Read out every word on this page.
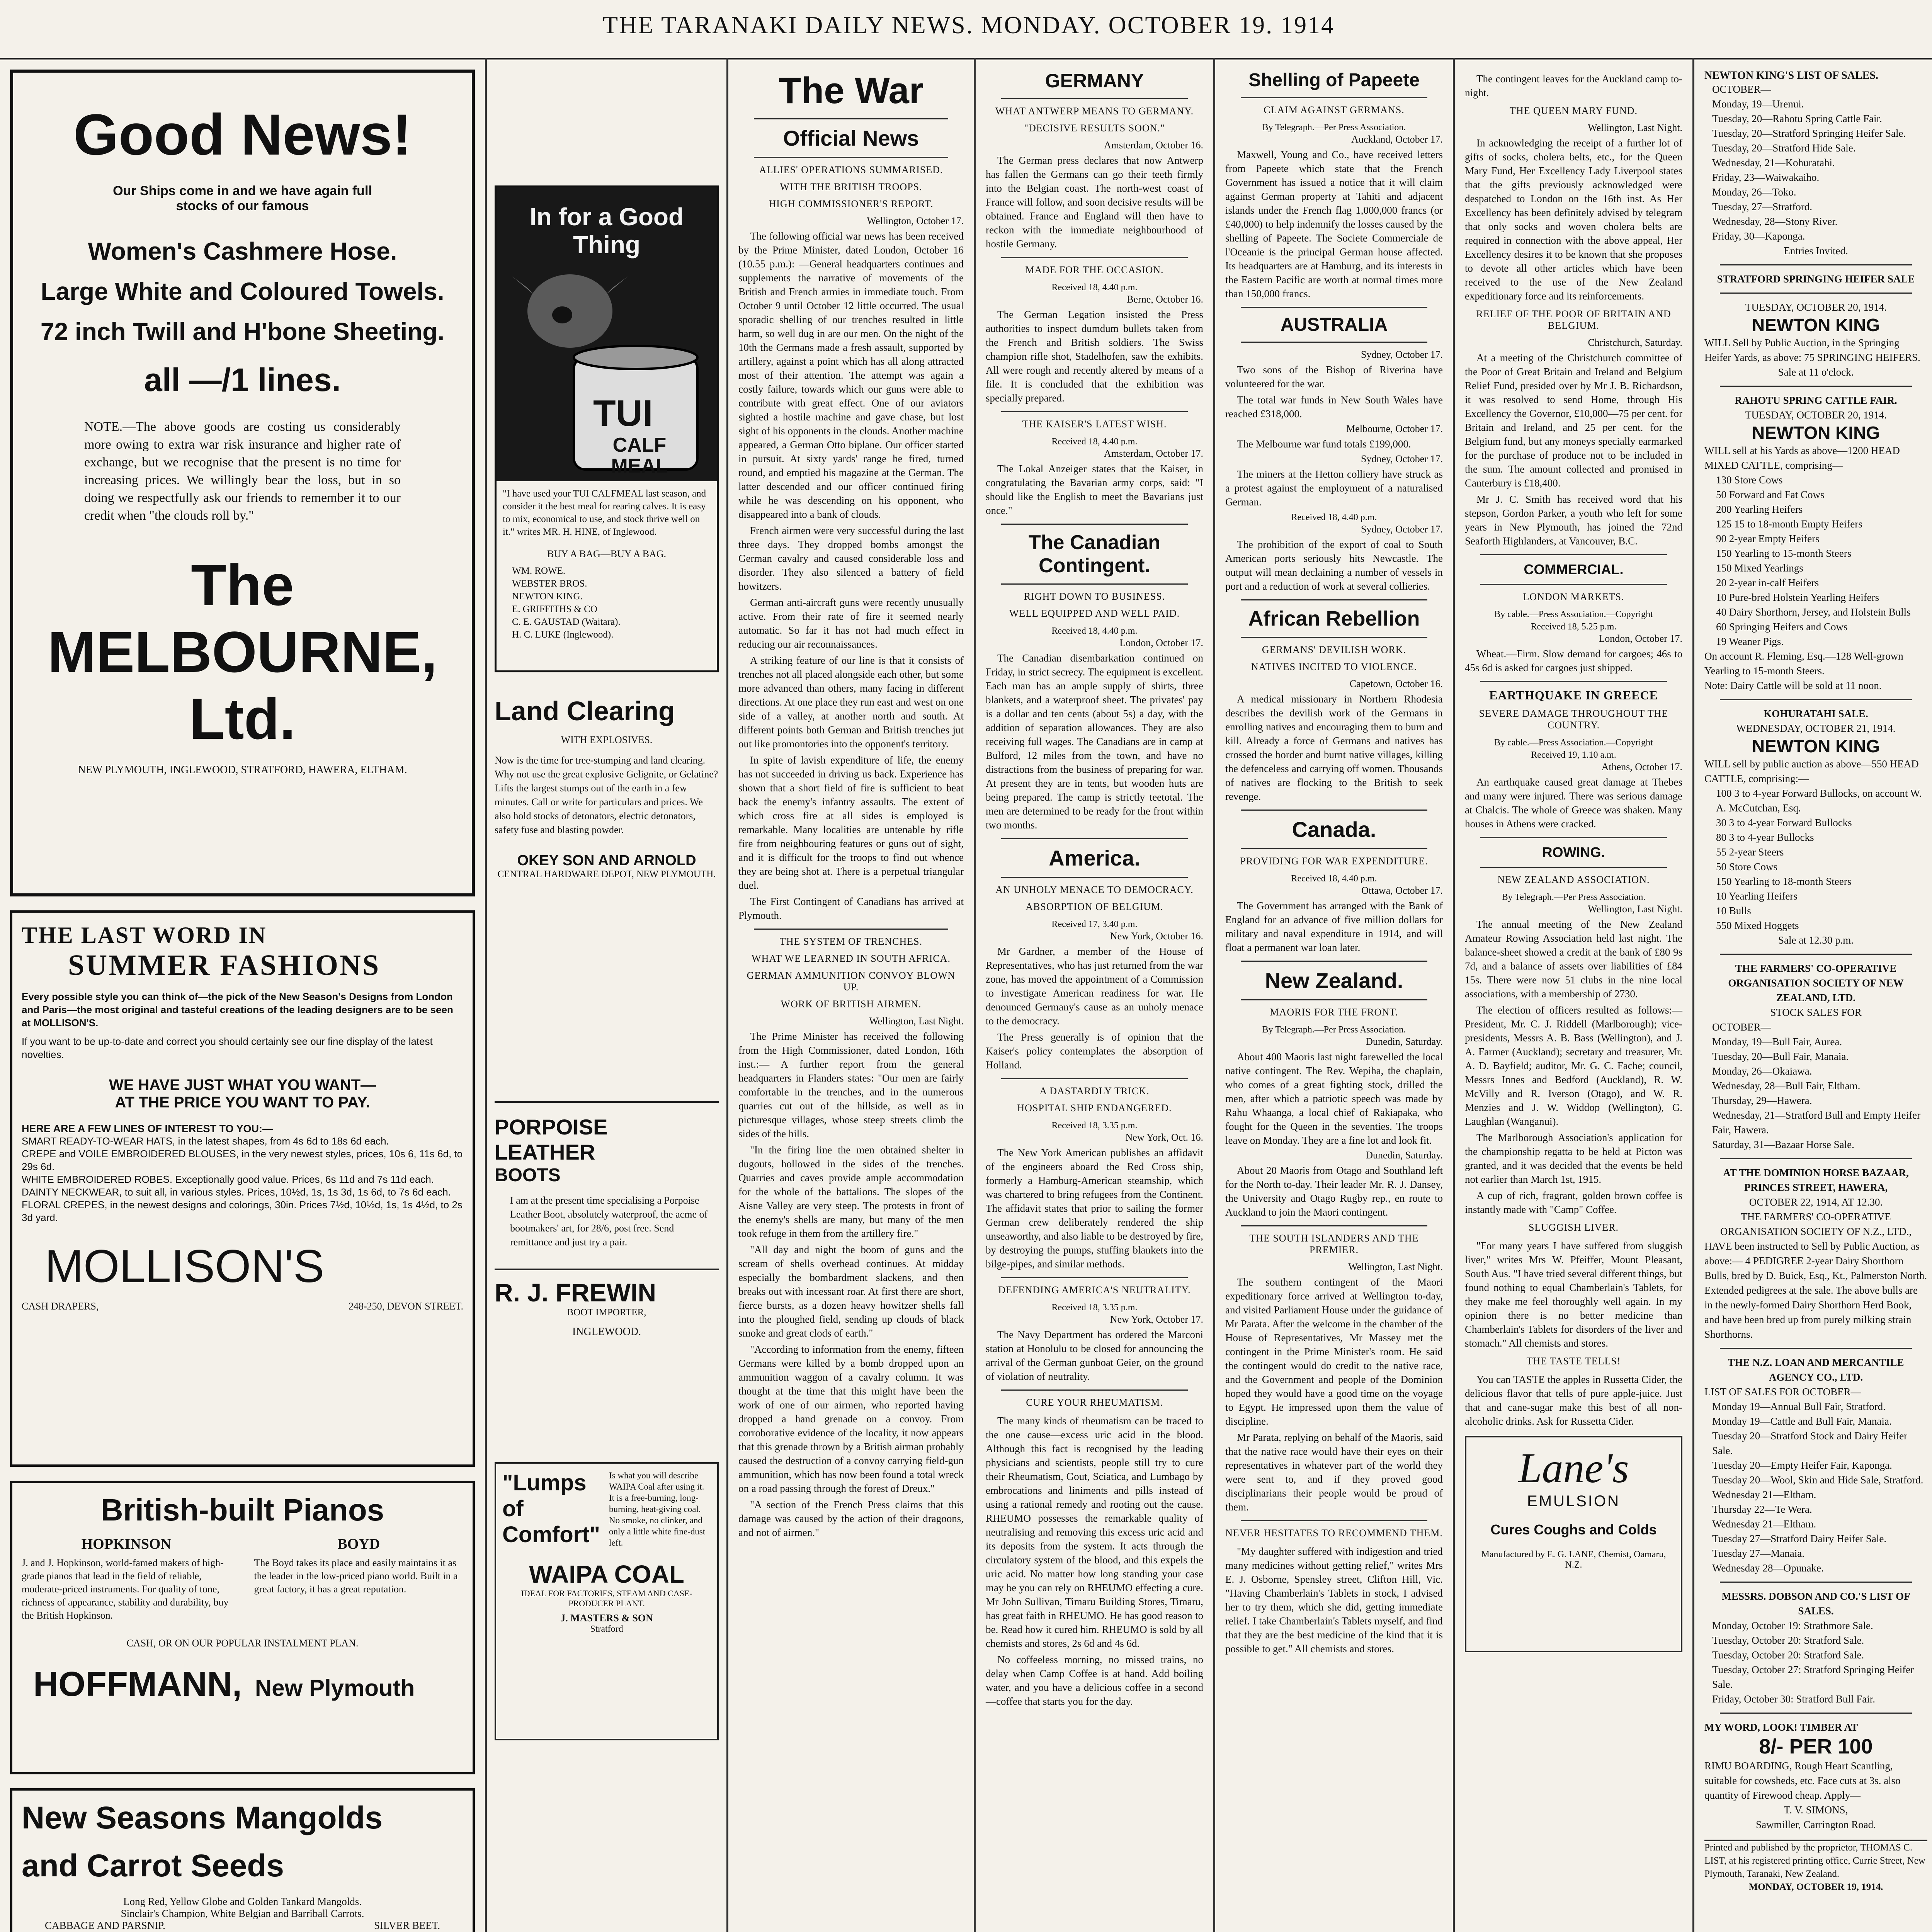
THE TARANAKI DAILY NEWS. MONDAY. OCTOBER 19. 1914
Good News!
Our Ships come in and we have again full stocks of our famous
Women's Cashmere Hose.
Large White and Coloured Towels.
72 inch Twill and H'bone Sheeting.
all —/1 lines.
NOTE.—The above goods are costing us considerably more owing to extra war risk insurance and higher rate of exchange, but we recognise that the present is no time for increasing prices. We willingly bear the loss, but in so doing we respectfully ask our friends to remember it to our credit when "the clouds roll by."
The MELBOURNE, Ltd.
NEW PLYMOUTH, INGLEWOOD, STRATFORD, HAWERA, ELTHAM.
THE LAST WORD IN
SUMMER FASHIONS
Every possible style you can think of—the pick of the New Season's Designs from London and Paris—the most original and tasteful creations of the leading designers are to be seen at MOLLISON'S.
If you want to be up-to-date and correct you should certainly see our fine display of the latest novelties.
WE HAVE JUST WHAT YOU WANT—
AT THE PRICE YOU WANT TO PAY.
HERE ARE A FEW LINES OF INTEREST TO YOU:—
SMART READY-TO-WEAR HATS, in the latest shapes, from 4s 6d to 18s 6d each.
CREPE and VOILE EMBROIDERED BLOUSES, in the very newest styles, prices, 10s 6, 11s 6d, to 29s 6d.
WHITE EMBROIDERED ROBES. Exceptionally good value. Prices, 6s 11d and 7s 11d each.
DAINTY NECKWEAR, to suit all, in various styles. Prices, 10½d, 1s, 1s 3d, 1s 6d, to 7s 6d each.
FLORAL CREPES, in the newest designs and colorings, 30in. Prices 7½d, 10½d, 1s, 1s 4½d, to 2s 3d yard.
MOLLISON'S
CASH DRAPERS,	248-250, DEVON STREET.
British-built Pianos
HOPKINSON
J. and J. Hopkinson, world-famed makers of high-grade pianos that lead in the field of reliable, moderate-priced instruments. For quality of tone, richness of appearance, stability and durability, buy the British Hopkinson.
BOYD
The Boyd takes its place and easily maintains it as the leader in the low-priced piano world. Built in a great factory, it has a great reputation.
CASH, OR ON OUR POPULAR INSTALMENT PLAN.
HOFFMANN, New Plymouth
New Seasons Mangolds
and Carrot Seeds
Long Red, Yellow Globe and Golden Tankard Mangolds.
Sinclair's Champion, White Belgian and Barriball Carrots.
CABBAGE AND PARSNIP.	SILVER BEET.
In for a Good Thing
TUI
CALF MEAL
"I have used your TUI CALFMEAL last season, and consider it the best meal for rearing calves. It is easy to mix, economical to use, and stock thrive well on it." writes MR. H. HINE, of Inglewood.
BUY A BAG—BUY A BAG.
WM. ROWE.
WEBSTER BROS.
NEWTON KING.
E. GRIFFITHS & CO
C. E. GAUSTAD (Waitara).
H. C. LUKE (Inglewood).
Land Clearing
WITH EXPLOSIVES.
Now is the time for tree-stumping and land clearing. Why not use the great explosive Gelignite, or Gelatine? Lifts the largest stumps out of the earth in a few minutes. Call or write for particulars and prices. We also hold stocks of detonators, electric detonators, safety fuse and blasting powder.
OKEY SON AND ARNOLD
CENTRAL HARDWARE DEPOT, NEW PLYMOUTH.
PORPOISE
LEATHER
BOOTS
I am at the present time specialising a Porpoise Leather Boot, absolutely waterproof, the acme of bootmakers' art, for 28/6, post free. Send remittance and just try a pair.
R. J. FREWIN
BOOT IMPORTER,
INGLEWOOD.
"Lumps of
Comfort"
Is what you will describe WAIPA Coal after using it. It is a free-burning, long-burning, heat-giving coal. No smoke, no clinker, and only a little white fine-dust left.
WAIPA COAL
IDEAL FOR FACTORIES, STEAM AND CASE-PRODUCER PLANT.
J. MASTERS & SON
Stratford
The War
Official News
ALLIES' OPERATIONS SUMMARISED.
WITH THE BRITISH TROOPS.
HIGH COMMISSIONER'S REPORT.
Wellington, October 17.

The following official war news has been received by the Prime Minister, dated London, October 16 (10.55 p.m.): —General headquarters continues and supplements the narrative of movements of the British and French armies in immediate touch. From October 9 until October 12 little occurred. The usual sporadic shelling of our trenches resulted in little harm, so well dug in are our men. On the night of the 10th the Germans made a fresh assault, supported by artillery, against a point which has all along attracted most of their attention. The attempt was again a costly failure, towards which our guns were able to contribute with great effect. One of our aviators sighted a hostile machine and gave chase, but lost sight of his opponents in the clouds. Another machine appeared, a German Otto biplane. Our officer started in pursuit. At sixty yards' range he fired, turned round, and emptied his magazine at the German. The latter descended and our officer continued firing while he was descending on his opponent, who disappeared into a bank of clouds.

French airmen were very successful during the last three days. They dropped bombs amongst the German cavalry and caused considerable loss and disorder. They also silenced a battery of field howitzers.

German anti-aircraft guns were recently unusually active. From their rate of fire it seemed nearly automatic. So far it has not had much effect in reducing our air reconnaissances.

A striking feature of our line is that it consists of trenches not all placed alongside each other, but some more advanced than others, many facing in different directions. At one place they run east and west on one side of a valley, at another north and south. At different points both German and British trenches jut out like promontories into the opponent's territory.

In spite of lavish expenditure of life, the enemy has not succeeded in driving us back. Experience has shown that a short field of fire is sufficient to beat back the enemy's infantry assaults. The extent of which cross fire at all sides is employed is remarkable. Many localities are untenable by rifle fire from neighbouring features or guns out of sight, and it is difficult for the troops to find out whence they are being shot at. There is a perpetual triangular duel.

The First Contingent of Canadians has arrived at Plymouth.

THE SYSTEM OF TRENCHES.
WHAT WE LEARNED IN SOUTH AFRICA.
GERMAN AMMUNITION CONVOY BLOWN UP.
WORK OF BRITISH AIRMEN.
Wellington, Last Night.

The Prime Minister has received the following from the High Commissioner, dated London, 16th inst.:— A further report from the general headquarters in Flanders states: "Our men are fairly comfortable in the trenches, and in the numerous quarries cut out of the hillside, as well as in picturesque villages, whose steep streets climb the sides of the hills.

"In the firing line the men obtained shelter in dugouts, hollowed in the sides of the trenches. Quarries and caves provide ample accommodation for the whole of the battalions. The slopes of the Aisne Valley are very steep. The protests in front of the enemy's shells are many, but many of the men took refuge in them from the artillery fire."

"All day and night the boom of guns and the scream of shells overhead continues. At midday especially the bombardment slackens, and then breaks out with incessant roar. At first there are short, fierce bursts, as a dozen heavy howitzer shells fall into the ploughed field, sending up clouds of black smoke and great clods of earth."

"According to information from the enemy, fifteen Germans were killed by a bomb dropped upon an ammunition waggon of a cavalry column. It was thought at the time that this might have been the work of one of our airmen, who reported having dropped a hand grenade on a convoy. From corroborative evidence of the locality, it now appears that this grenade thrown by a British airman probably caused the destruction of a convoy carrying field-gun ammunition, which has now been found a total wreck on a road passing through the forest of Dreux."

"A section of the French Press claims that this damage was caused by the action of their dragoons, and not of airmen."

GERMANY
WHAT ANTWERP MEANS TO GERMANY.
"DECISIVE RESULTS SOON."
Amsterdam, October 16.

The German press declares that now Antwerp has fallen the Germans can go their teeth firmly into the Belgian coast. The north-west coast of France will follow, and soon decisive results will be obtained. France and England will then have to reckon with the immediate neighbourhood of hostile Germany.

MADE FOR THE OCCASION.
Received 18, 4.40 p.m.
Berne, October 16.

The German Legation insisted the Press authorities to inspect dumdum bullets taken from the French and British soldiers. The Swiss champion rifle shot, Stadelhofen, saw the exhibits. All were rough and recently altered by means of a file. It is concluded that the exhibition was specially prepared.

THE KAISER'S LATEST WISH.
Received 18, 4.40 p.m.
Amsterdam, October 17.

The Lokal Anzeiger states that the Kaiser, in congratulating the Bavarian army corps, said: "I should like the English to meet the Bavarians just once."

The Canadian Contingent.
RIGHT DOWN TO BUSINESS.
WELL EQUIPPED AND WELL PAID.
Received 18, 4.40 p.m.
London, October 17.

The Canadian disembarkation continued on Friday, in strict secrecy. The equipment is excellent. Each man has an ample supply of shirts, three blankets, and a waterproof sheet. The privates' pay is a dollar and ten cents (about 5s) a day, with the addition of separation allowances. They are also receiving full wages. The Canadians are in camp at Bulford, 12 miles from the town, and have no distractions from the business of preparing for war. At present they are in tents, but wooden huts are being prepared. The camp is strictly teetotal. The men are determined to be ready for the front within two months.

America.
AN UNHOLY MENACE TO DEMOCRACY.
ABSORPTION OF BELGIUM.
Received 17, 3.40 p.m.
New York, October 16.

Mr Gardner, a member of the House of Representatives, who has just returned from the war zone, has moved the appointment of a Commission to investigate American readiness for war. He denounced Germany's cause as an unholy menace to the democracy.

The Press generally is of opinion that the Kaiser's policy contemplates the absorption of Holland.

A DASTARDLY TRICK.
HOSPITAL SHIP ENDANGERED.
Received 18, 3.35 p.m.
New York, Oct. 16.

The New York American publishes an affidavit of the engineers aboard the Red Cross ship, formerly a Hamburg-American steamship, which was chartered to bring refugees from the Continent. The affidavit states that prior to sailing the former German crew deliberately rendered the ship unseaworthy, and also liable to be destroyed by fire, by destroying the pumps, stuffing blankets into the bilge-pipes, and similar methods.

DEFENDING AMERICA'S NEUTRALITY.
Received 18, 3.35 p.m.
New York, October 17.

The Navy Department has ordered the Marconi station at Honolulu to be closed for announcing the arrival of the German gunboat Geier, on the ground of violation of neutrality.

CURE YOUR RHEUMATISM.

The many kinds of rheumatism can be traced to the one cause—excess uric acid in the blood. Although this fact is recognised by the leading physicians and scientists, people still try to cure their Rheumatism, Gout, Sciatica, and Lumbago by embrocations and liniments and pills instead of using a rational remedy and rooting out the cause. RHEUMO possesses the remarkable quality of neutralising and removing this excess uric acid and its deposits from the system. It acts through the circulatory system of the blood, and this expels the uric acid. No matter how long standing your case may be you can rely on RHEUMO effecting a cure. Mr John Sullivan, Timaru Building Stores, Timaru, has great faith in RHEUMO. He has good reason to be. Read how it cured him. RHEUMO is sold by all chemists and stores, 2s 6d and 4s 6d.

No coffeeless morning, no missed trains, no delay when Camp Coffee is at hand. Add boiling water, and you have a delicious coffee in a second—coffee that starts you for the day.

Shelling of Papeete
CLAIM AGAINST GERMANS.
By Telegraph.—Per Press Association.
Auckland, October 17.

Maxwell, Young and Co., have received letters from Papeete which state that the French Government has issued a notice that it will claim against German property at Tahiti and adjacent islands under the French flag 1,000,000 francs (or £40,000) to help indemnify the losses caused by the shelling of Papeete. The Societe Commerciale de l'Oceanie is the principal German house affected. Its headquarters are at Hamburg, and its interests in the Eastern Pacific are worth at normal times more than 150,000 francs.

AUSTRALIA
Sydney, October 17.

Two sons of the Bishop of Riverina have volunteered for the war.

The total war funds in New South Wales have reached £318,000.

Melbourne, October 17.

The Melbourne war fund totals £199,000.

Sydney, October 17.

The miners at the Hetton colliery have struck as a protest against the employment of a naturalised German.

Received 18, 4.40 p.m.
Sydney, October 17.

The prohibition of the export of coal to South American ports seriously hits Newcastle. The output will mean declaining a number of vessels in port and a reduction of work at several collieries.

African Rebellion
GERMANS' DEVILISH WORK.
NATIVES INCITED TO VIOLENCE.
Capetown, October 16.

A medical missionary in Northern Rhodesia describes the devilish work of the Germans in enrolling natives and encouraging them to burn and kill. Already a force of Germans and natives has crossed the border and burnt native villages, killing the defenceless and carrying off women. Thousands of natives are flocking to the British to seek revenge.

Canada.
PROVIDING FOR WAR EXPENDITURE.
Received 18, 4.40 p.m.
Ottawa, October 17.

The Government has arranged with the Bank of England for an advance of five million dollars for military and naval expenditure in 1914, and will float a permanent war loan later.

New Zealand.
MAORIS FOR THE FRONT.
By Telegraph.—Per Press Association.
Dunedin, Saturday.

About 400 Maoris last night farewelled the local native contingent. The Rev. Wepiha, the chaplain, who comes of a great fighting stock, drilled the men, after which a patriotic speech was made by Rahu Whaanga, a local chief of Rakiapaka, who fought for the Queen in the seventies. The troops leave on Monday. They are a fine lot and look fit.

Dunedin, Saturday.

About 20 Maoris from Otago and Southland left for the North to-day. Their leader Mr. R. J. Dansey, the University and Otago Rugby rep., en route to Auckland to join the Maori contingent.

THE SOUTH ISLANDERS AND THE PREMIER.
Wellington, Last Night.

The southern contingent of the Maori expeditionary force arrived at Wellington to-day, and visited Parliament House under the guidance of Mr Parata. After the welcome in the chamber of the House of Representatives, Mr Massey met the contingent in the Prime Minister's room. He said the contingent would do credit to the native race, and the Government and people of the Dominion hoped they would have a good time on the voyage to Egypt. He impressed upon them the value of discipline.

Mr Parata, replying on behalf of the Maoris, said that the native race would have their eyes on their representatives in whatever part of the world they were sent to, and if they proved good disciplinarians their people would be proud of them.

NEVER HESITATES TO RECOMMEND THEM.

"My daughter suffered with indigestion and tried many medicines without getting relief," writes Mrs E. J. Osborne, Spensley street, Clifton Hill, Vic. "Having Chamberlain's Tablets in stock, I advised her to try them, which she did, getting immediate relief. I take Chamberlain's Tablets myself, and find that they are the best medicine of the kind that it is possible to get." All chemists and stores.

The contingent leaves for the Auckland camp to-night.

THE QUEEN MARY FUND.
Wellington, Last Night.

In acknowledging the receipt of a further lot of gifts of socks, cholera belts, etc., for the Queen Mary Fund, Her Excellency Lady Liverpool states that the gifts previously acknowledged were despatched to London on the 16th inst. As Her Excellency has been definitely advised by telegram that only socks and woven cholera belts are required in connection with the above appeal, Her Excellency desires it to be known that she proposes to devote all other articles which have been received to the use of the New Zealand expeditionary force and its reinforcements.

RELIEF OF THE POOR OF BRITAIN AND BELGIUM.
Christchurch, Saturday.

At a meeting of the Christchurch committee of the Poor of Great Britain and Ireland and Belgium Relief Fund, presided over by Mr J. B. Richardson, it was resolved to send Home, through His Excellency the Governor, £10,000—75 per cent. for Britain and Ireland, and 25 per cent. for the Belgium fund, but any moneys specially earmarked for the purchase of produce not to be included in the sum. The amount collected and promised in Canterbury is £18,400.

Mr J. C. Smith has received word that his stepson, Gordon Parker, a youth who left for some years in New Plymouth, has joined the 72nd Seaforth Highlanders, at Vancouver, B.C.

COMMERCIAL.
LONDON MARKETS.
By cable.—Press Association.—Copyright
Received 18, 5.25 p.m.
London, October 17.

Wheat.—Firm. Slow demand for cargoes; 46s to 45s 6d is asked for cargoes just shipped.

EARTHQUAKE IN GREECE
SEVERE DAMAGE THROUGHOUT THE COUNTRY.
By cable.—Press Association.—Copyright
Received 19, 1.10 a.m.
Athens, October 17.

An earthquake caused great damage at Thebes and many were injured. There was serious damage at Chalcis. The whole of Greece was shaken. Many houses in Athens were cracked.

ROWING.
NEW ZEALAND ASSOCIATION.
By Telegraph.—Per Press Association.
Wellington, Last Night.

The annual meeting of the New Zealand Amateur Rowing Association held last night. The balance-sheet showed a credit at the bank of £80 9s 7d, and a balance of assets over liabilities of £84 15s. There were now 51 clubs in the nine local associations, with a membership of 2730.

The election of officers resulted as follows:—President, Mr. C. J. Riddell (Marlborough); vice-presidents, Messrs A. B. Bass (Wellington), and J. A. Farmer (Auckland); secretary and treasurer, Mr. A. D. Bayfield; auditor, Mr. G. C. Fache; council, Messrs Innes and Bedford (Auckland), R. W. McVilly and R. Iverson (Otago), and W. R. Menzies and J. W. Widdop (Wellington), G. Laughlan (Wanganui).

The Marlborough Association's application for the championship regatta to be held at Picton was granted, and it was decided that the events be held not earlier than March 1st, 1915.

A cup of rich, fragrant, golden brown coffee is instantly made with "Camp" Coffee.

SLUGGISH LIVER.

"For many years I have suffered from sluggish liver," writes Mrs W. Pfeiffer, Mount Pleasant, South Aus. "I have tried several different things, but found nothing to equal Chamberlain's Tablets, for they make me feel thoroughly well again. In my opinion there is no better medicine than Chamberlain's Tablets for disorders of the liver and stomach." All chemists and stores.

THE TASTE TELLS!

You can TASTE the apples in Russetta Cider, the delicious flavor that tells of pure apple-juice. Just that and cane-sugar make this best of all non-alcoholic drinks. Ask for Russetta Cider.

Lane's
EMULSION
Cures Coughs and Colds
Manufactured by E. G. LANE, Chemist, Oamaru, N.Z.
NEWTON KING'S LIST OF SALES.
OCTOBER—
Monday, 19—Urenui.
Tuesday, 20—Rahotu Spring Cattle Fair.
Tuesday, 20—Stratford Springing Heifer Sale.
Tuesday, 20—Stratford Hide Sale.
Wednesday, 21—Kohuratahi.
Friday, 23—Waiwakaiho.
Monday, 26—Toko.
Tuesday, 27—Stratford.
Wednesday, 28—Stony River.
Friday, 30—Kaponga.
Entries Invited.
STRATFORD SPRINGING HEIFER SALE
TUESDAY, OCTOBER 20, 1914.
NEWTON KING
WILL Sell by Public Auction, in the Springing Heifer Yards, as above: 75 SPRINGING HEIFERS.
Sale at 11 o'clock.
RAHOTU SPRING CATTLE FAIR.
TUESDAY, OCTOBER 20, 1914.
NEWTON KING
WILL sell at his Yards as above—1200 HEAD MIXED CATTLE, comprising—
130 Store Cows
50 Forward and Fat Cows
200 Yearling Heifers
125 15 to 18-month Empty Heifers
90 2-year Empty Heifers
150 Yearling to 15-month Steers
150 Mixed Yearlings
20 2-year in-calf Heifers
10 Pure-bred Holstein Yearling Heifers
40 Dairy Shorthorn, Jersey, and Holstein Bulls
60 Springing Heifers and Cows
19 Weaner Pigs.
On account R. Fleming, Esq.—128 Well-grown Yearling to 15-month Steers.
Note: Dairy Cattle will be sold at 11 noon.
KOHURATAHI SALE.
WEDNESDAY, OCTOBER 21, 1914.
NEWTON KING
WILL sell by public auction as above—550 HEAD CATTLE, comprising:—
100 3 to 4-year Forward Bullocks, on account W. A. McCutchan, Esq.
30 3 to 4-year Forward Bullocks
80 3 to 4-year Bullocks
55 2-year Steers
50 Store Cows
150 Yearling to 18-month Steers
10 Yearling Heifers
10 Bulls
550 Mixed Hoggets
Sale at 12.30 p.m.
THE FARMERS' CO-OPERATIVE ORGANISATION SOCIETY OF NEW ZEALAND, LTD.
STOCK SALES FOR
OCTOBER—
Monday, 19—Bull Fair, Aurea.
Tuesday, 20—Bull Fair, Manaia.
Monday, 26—Okaiawa.
Wednesday, 28—Bull Fair, Eltham.
Thursday, 29—Hawera.
Wednesday, 21—Stratford Bull and Empty Heifer Fair, Hawera.
Saturday, 31—Bazaar Horse Sale.
AT THE DOMINION HORSE BAZAAR, PRINCES STREET, HAWERA,
OCTOBER 22, 1914, AT 12.30.
THE FARMERS' CO-OPERATIVE ORGANISATION SOCIETY OF N.Z., LTD.,
HAVE been instructed to Sell by Public Auction, as above:— 4 PEDIGREE 2-year Dairy Shorthorn Bulls, bred by D. Buick, Esq., Kt., Palmerston North. Extended pedigrees at the sale. The above bulls are in the newly-formed Dairy Shorthorn Herd Book, and have been bred up from purely milking strain Shorthorns.
THE N.Z. LOAN AND MERCANTILE AGENCY CO., LTD.
LIST OF SALES FOR OCTOBER—
Monday 19—Annual Bull Fair, Stratford.
Monday 19—Cattle and Bull Fair, Manaia.
Tuesday 20—Stratford Stock and Dairy Heifer Sale.
Tuesday 20—Empty Heifer Fair, Kaponga.
Tuesday 20—Wool, Skin and Hide Sale, Stratford.
Wednesday 21—Eltham.
Thursday 22—Te Wera.
Wednesday 21—Eltham.
Tuesday 27—Stratford Dairy Heifer Sale.
Tuesday 27—Manaia.
Wednesday 28—Opunake.
MESSRS. DOBSON AND CO.'S LIST OF SALES.
Monday, October 19: Strathmore Sale.
Tuesday, October 20: Stratford Sale.
Tuesday, October 20: Stratford Sale.
Tuesday, October 27: Stratford Springing Heifer Sale.
Friday, October 30: Stratford Bull Fair.
MY WORD, LOOK! TIMBER AT
8/- PER 100
RIMU BOARDING, Rough Heart Scantling, suitable for cowsheds, etc. Face cuts at 3s. also quantity of Firewood cheap. Apply—
T. V. SIMONS,
Sawmiller, Carrington Road.
Printed and published by the proprietor, THOMAS C. LIST, at his registered printing office, Currie Street, New Plymouth, Taranaki, New Zealand.
MONDAY, OCTOBER 19, 1914.
